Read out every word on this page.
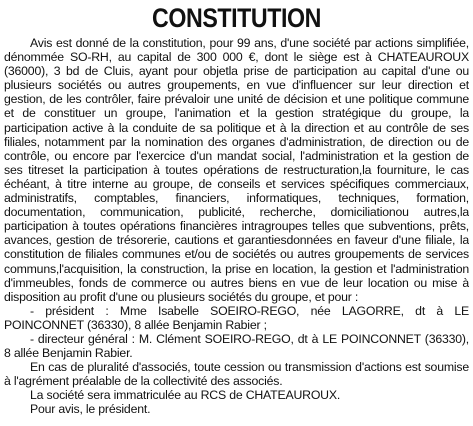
CONSTITUTION

Avis est donné de la constitution, pour 99 ans, d'une société par actions simplifiée, dénommée SO-RH, au capital de 300 000 €, dont le siège est à CHATEAUROUX (36000), 3 bd de Cluis, ayant pour objetla prise de participation au capital d'une ou plusieurs sociétés ou autres groupements, en vue d'influencer sur leur direction et gestion, de les contrôler, faire prévaloir une unité de décision et une politique commune et de constituer un groupe, l'animation et la gestion stratégique du groupe, la participation active à la conduite de sa politique et à la direction et au contrôle de ses filiales, notamment par la nomination des organes d'administration, de direction ou de contrôle, ou encore par l'exercice d'un mandat social, l'administration et la gestion de ses titreset la participation à toutes opérations de restructuration,la fourniture, le cas échéant, à titre interne au groupe, de conseils et services spécifiques commerciaux, administratifs, comptables, financiers, informatiques, techniques, formation, documentation, communication, publicité, recherche, domiciliationou autres,la participation à toutes opérations financières intragroupes telles que subventions, prêts, avances, gestion de trésorerie, cautions et garantiesdonnées en faveur d'une filiale, la constitution de filiales communes et/ou de sociétés ou autres groupements de services communs,l'acquisition, la construction, la prise en location, la gestion et l'administration d'immeubles, fonds de commerce ou autres biens en vue de leur location ou mise à disposition au profit d'une ou plusieurs sociétés du groupe, et pour :

- président : Mme Isabelle SOEIRO-REGO, née LAGORRE, dt à LE POINCONNET (36330), 8 allée Benjamin Rabier ;

- directeur général : M. Clément SOEIRO-REGO, dt à LE POINCONNET (36330), 8 allée Benjamin Rabier.

En cas de pluralité d'associés, toute cession ou transmission d'actions est soumise à l'agrément préalable de la collectivité des associés.

La société sera immatriculée au RCS de CHATEAUROUX.

Pour avis, le président.
